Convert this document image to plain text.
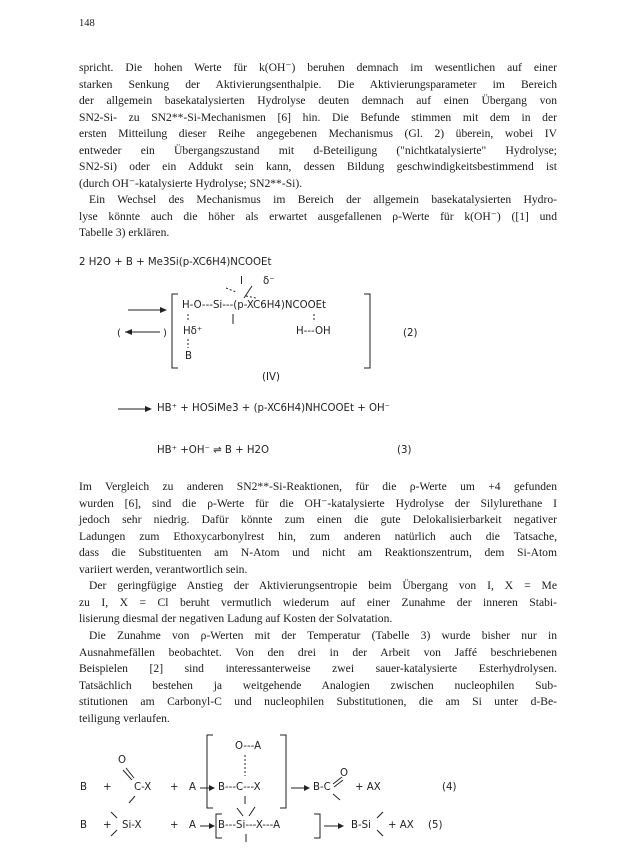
148
spricht. Die hohen Werte für k(OH⁻) beruhen demnach im wesentlichen auf einer
starken Senkung der Aktivierungsenthalpie. Die Aktivierungsparameter im Bereich
der allgemein basekatalysierten Hydrolyse deuten demnach auf einen Übergang von
SN2-Si- zu SN2**-Si-Mechanismen [6] hin. Die Befunde stimmen mit dem in der
ersten Mitteilung dieser Reihe angegebenen Mechanismus (Gl. 2) überein, wobei IV
entweder ein Übergangszustand mit d-Beteiligung ("nichtkatalysierte" Hydrolyse;
SN2-Si) oder ein Addukt sein kann, dessen Bildung geschwindigkeitsbestimmend ist
(durch OH⁻-katalysierte Hydrolyse; SN2**-Si).
Ein Wechsel des Mechanismus im Bereich der allgemein basekatalysierten Hydro-
lyse könnte auch die höher als erwartet ausgefallenen ρ-Werte für k(OH⁻) ([1] und
Tabelle 3) erklären.
2 H2O + B + Me3Si(p-XC6H4)NCOOEt
I δ⁻
H-O---Si---(p-XC6H4)NCOOEt
Hδ⁺	H---OH
B
(IV)
(2)
HB⁺ + HOSiMe3 + (p-XC6H4)NHCOOEt + OH⁻
HB⁺ +OH⁻ ⇌ B + H2O	(3)
Im Vergleich zu anderen SN2**-Si-Reaktionen, für die ρ-Werte um +4 gefunden
wurden [6], sind die ρ-Werte für die OH⁻-katalysierte Hydrolyse der Silylurethane I
jedoch sehr niedrig. Dafür könnte zum einen die gute Delokalisierbarkeit negativer
Ladungen zum Ethoxycarbonylrest hin, zum anderen natürlich auch die Tatsache,
dass die Substituenten am N-Atom und nicht am Reaktionszentrum, dem Si-Atom
variiert werden, verantwortlich sein.
Der geringfügige Anstieg der Aktivierungsentropie beim Übergang von I, X = Me
zu I, X = Cl beruht vermutlich wiederum auf einer Zunahme der inneren Stabi-
lisierung diesmal der negativen Ladung auf Kosten der Solvatation.
Die Zunahme von ρ-Werten mit der Temperatur (Tabelle 3) wurde bisher nur in
Ausnahmefällen beobachtet. Von den drei in der Arbeit von Jaffé beschriebenen
Beispielen [2] sind interessanterweise zwei sauer-katalysierte Esterhydrolysen.
Tatsächlich bestehen ja weitgehende Analogien zwischen nucleophilen Sub-
stitutionen am Carbonyl-C und nucleophilen Substitutionen, die am Si unter d-Be-
teiligung verlaufen.
B +
O
C-X + A
O---A
B---C---X
O
B-C + AX	(4)
B + Si-X	+ A B---Si---X---A	B-Si + AX (5)
(	)
